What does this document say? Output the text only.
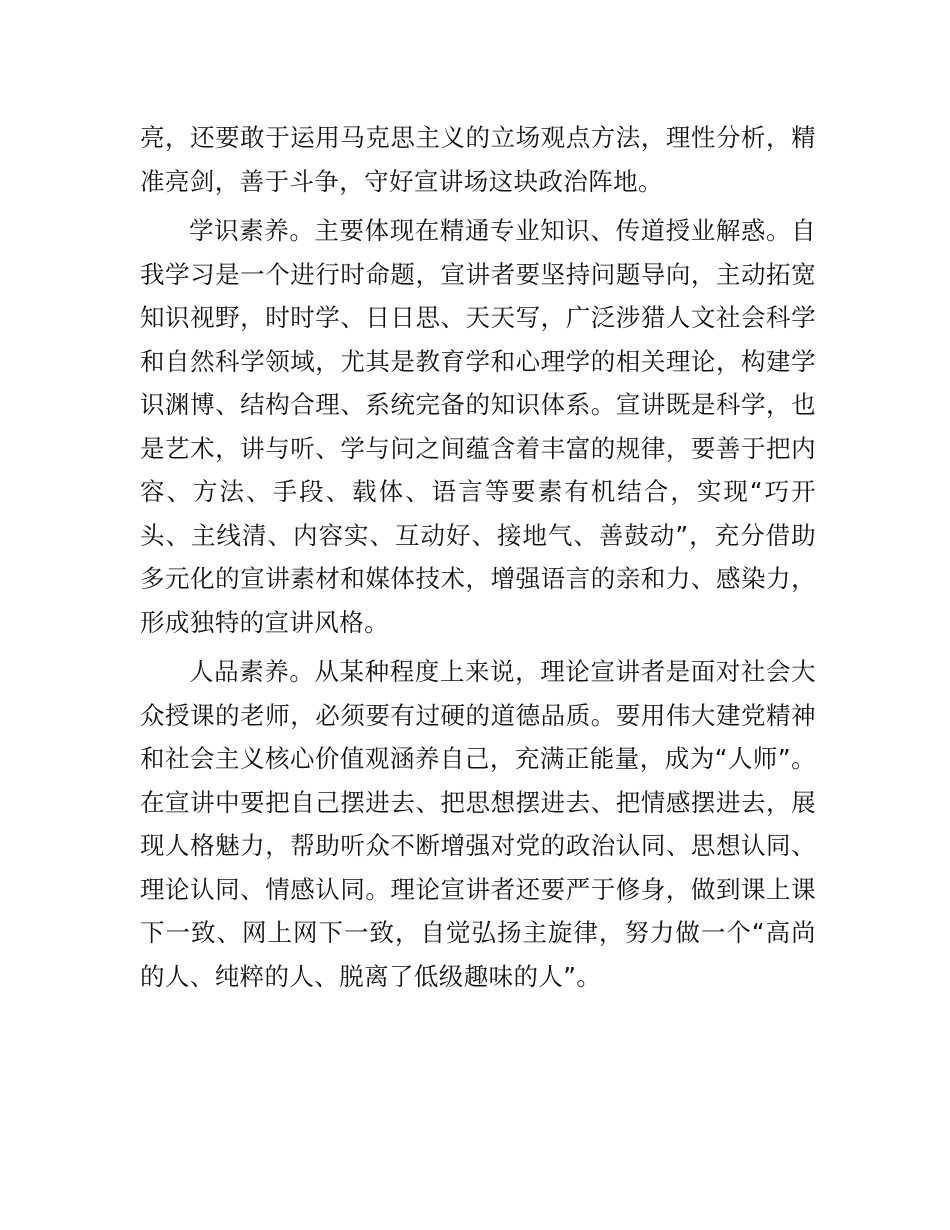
亮，还要敢于运用马克思主义的立场观点方法，理性分析，精准亮剑，善于斗争，守好宣讲场这块政治阵地。

学识素养。主要体现在精通专业知识、传道授业解惑。自我学习是一个进行时命题，宣讲者要坚持问题导向，主动拓宽知识视野，时时学、日日思、天天写，广泛涉猎人文社会科学和自然科学领域，尤其是教育学和心理学的相关理论，构建学识渊博、结构合理、系统完备的知识体系。宣讲既是科学，也是艺术，讲与听、学与问之间蕴含着丰富的规律，要善于把内容、方法、手段、载体、语言等要素有机结合，实现“巧开头、主线清、内容实、互动好、接地气、善鼓动”，充分借助多元化的宣讲素材和媒体技术，增强语言的亲和力、感染力，形成独特的宣讲风格。

人品素养。从某种程度上来说，理论宣讲者是面对社会大众授课的老师，必须要有过硬的道德品质。要用伟大建党精神和社会主义核心价值观涵养自己，充满正能量，成为“人师”。在宣讲中要把自己摆进去、把思想摆进去、把情感摆进去，展现人格魅力，帮助听众不断增强对党的政治认同、思想认同、理论认同、情感认同。理论宣讲者还要严于修身，做到课上课下一致、网上网下一致，自觉弘扬主旋律，努力做一个“高尚的人、纯粹的人、脱离了低级趣味的人”。
